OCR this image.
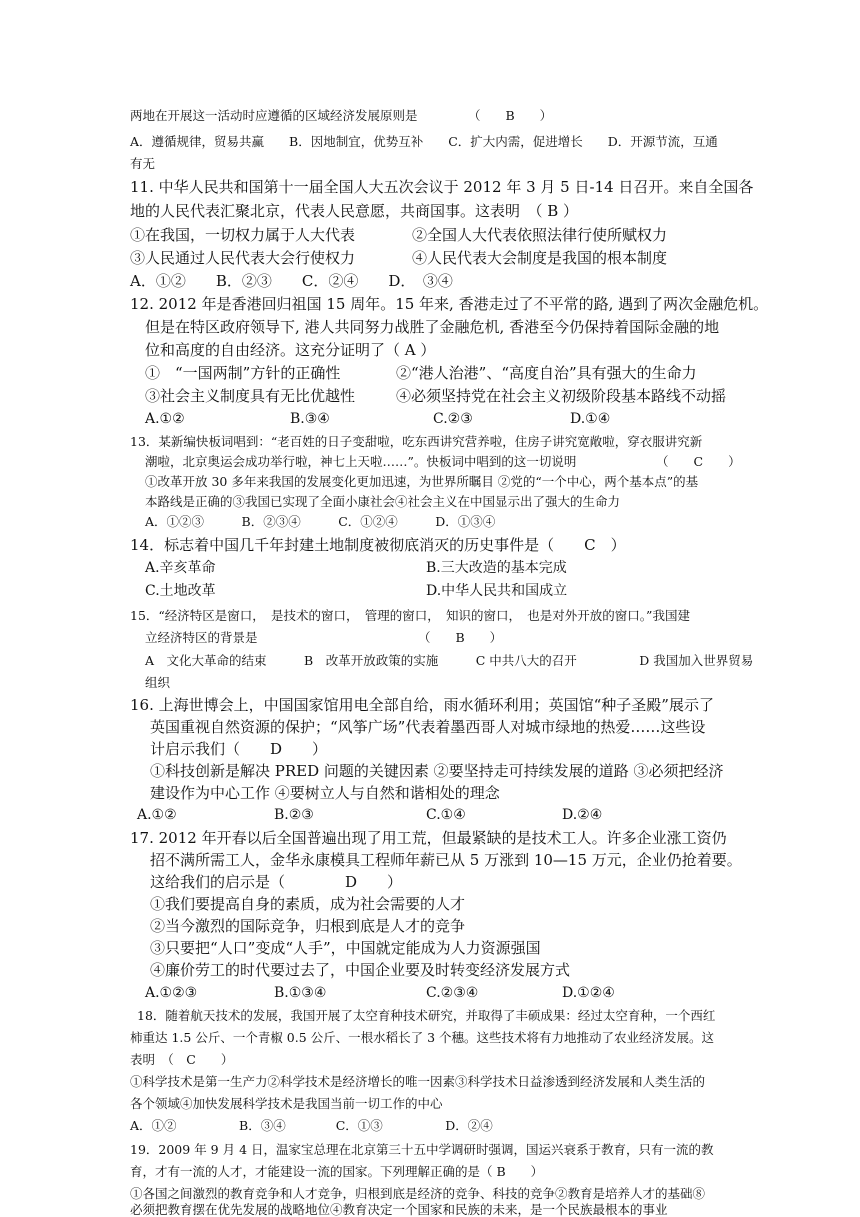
两地在开展这一活动时应遵循的区域经济发展原则是	（　　B　　）
A．遵循规律，贸易共赢　　B．因地制宜，优势互补　　C．扩大内需，促进增长　　D．开源节流，互通
有无
11. 中华人民共和国第十一届全国人大五次会议于 2012 年 3 月 5 日-14 日召开。来自全国各
地的人民代表汇聚北京，代表人民意愿，共商国事。这表明　（ B ）
①在我国，一切权力属于人大代表	②全国人大代表依照法律行使所赋权力
③人民通过人民代表大会行使权力	④人民代表大会制度是我国的根本制度
A．①②　　B．②③　　C．②④　　D．　③④
12. 2012 年是香港回归祖国 15 周年。15 年来, 香港走过了不平常的路, 遇到了两次金融危机。
但是在特区政府领导下, 港人共同努力战胜了金融危机, 香港至今仍保持着国际金融的地
位和高度的自由经济。这充分证明了（ A ）
①　“一国两制”方针的正确性	②“港人治港”、“高度自治”具有强大的生命力
③社会主义制度具有无比优越性	④必须坚持党在社会主义初级阶段基本路线不动摇
A.①②	B.③④	C.②③	D.①④
13．某新编快板词唱到：“老百姓的日子变甜啦，吃东西讲究营养啦，住房子讲究宽敞啦，穿衣服讲究新
潮啦，北京奥运会成功举行啦，神七上天啦……”。快板词中唱到的这一切说明	（　　C　　）
①改革开放 30 多年来我国的发展变化更加迅速，为世界所瞩目 ②党的“一个中心，两个基本点”的基
本路线是正确的③我国已实现了全面小康社会④社会主义在中国显示出了强大的生命力
A．①②③　　　B．②③④　　　C．①②④　　　D．①③④
14．标志着中国几千年封建土地制度被彻底消灭的历史事件是（　　C　）
A.辛亥革命	B.三大改造的基本完成
C.土地改革	D.中华人民共和国成立
15．“经济特区是窗口，　是技术的窗口，　管理的窗口，　知识的窗口，　也是对外开放的窗口。”我国建
立经济特区的背景是	（　　B　　）
A　文化大革命的结束　　　B　改革开放政策的实施　　　C 中共八大的召开　　　　　D 我国加入世界贸易
组织
16. 上海世博会上，中国国家馆用电全部自给，雨水循环利用；英国馆“种子圣殿”展示了
英国重视自然资源的保护；“风筝广场”代表着墨西哥人对城市绿地的热爱……这些设
计启示我们（　　D　　）
①科技创新是解决 PRED 问题的关键因素 ②要坚持走可持续发展的道路 ③必须把经济
建设作为中心工作 ④要树立人与自然和谐相处的理念
A.①②	B.②③	C.①④	D.②④
17. 2012 年开春以后全国普遍出现了用工荒，但最紧缺的是技术工人。许多企业涨工资仍
招不满所需工人，金华永康模具工程师年薪已从 5 万涨到 10—15 万元，企业仍抢着要。
这给我们的启示是（　　　　D　　）
①我们要提高自身的素质，成为社会需要的人才
②当今激烈的国际竞争，归根到底是人才的竞争
③只要把“人口”变成“人手”，中国就定能成为人力资源强国
④廉价劳工的时代要过去了，中国企业要及时转变经济发展方式
A.①②③	B.①③④	C.②③④	D.①②④
18．随着航天技术的发展，我国开展了太空育种技术研究，并取得了丰硕成果：经过太空育种，一个西红
柿重达 1.5 公斤、一个青椒 0.5 公斤、一根水稻长了 3 个穗。这些技术将有力地推动了农业经济发展。这
表明　（　C　　）
①科学技术是第一生产力②科学技术是经济增长的唯一因素③科学技术日益渗透到经济发展和人类生活的
各个领域④加快发展科学技术是我国当前一切工作的中心
A．①②　　　　　B．③④　　　　C．①③　　　　　D．②④
19．2009 年 9 月 4 日，温家宝总理在北京第三十五中学调研时强调，国运兴衰系于教育，只有一流的教
育，才有一流的人才，才能建设一流的国家。下列理解正确的是（ B　　）
①各国之间激烈的教育竞争和人才竞争，归根到底是经济的竞争、科技的竞争②教育是培养人才的基础⑧
必须把教育摆在优先发展的战略地位④教育决定一个国家和民族的未来，是一个民族最根本的事业
